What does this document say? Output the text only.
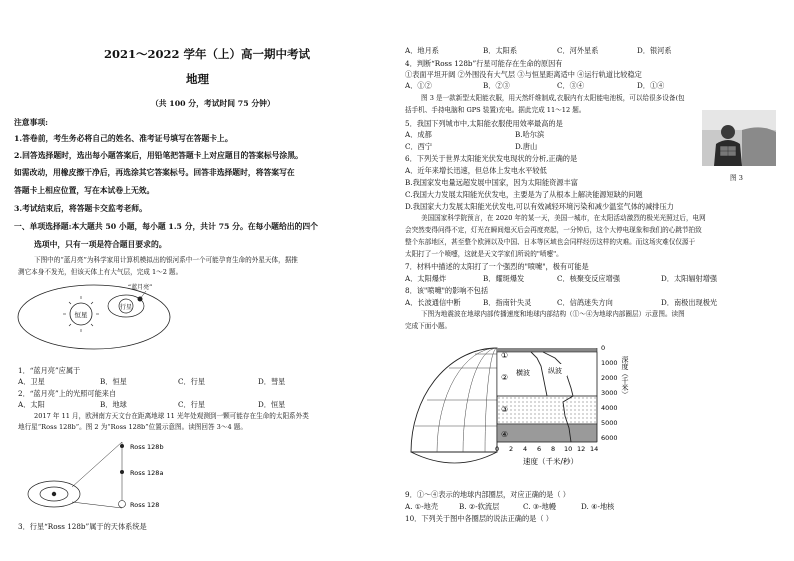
2021～2022 学年（上）高一期中考试
地理
（共 100 分，考试时间 75 分钟）
注意事项:
1.答卷前，考生务必将自己的姓名、准考证号填写在答题卡上。
2.回答选择题时，选出每小题答案后，用铅笔把答题卡上对应题目的答案标号涂黑。
如需改动，用橡皮擦干净后，再选涂其它答案标号。回答非选择题时，将答案写在
答题卡上相应位置，写在本试卷上无效。
3.考试结束后，将答题卡交监考老师。
一、单项选择题:本大题共 50 小题，每小题 1.5 分，共计 75 分。在每小题给出的四个
选项中，只有一项是符合题目要求的。
下图中的“蓝月亮”为科学家用计算机模拟出的银河系中一个可能孕育生命的外星天体，据推
测它本身不发光，但该天体上有大气层，完成 1～2 题。
恒星
行星
“蓝月亮”
1．“蓝月亮”应属于
A．卫星	B．恒星	C．行星	D．彗星
2．“蓝月亮”上的光照可能来自
A．太阳	B．地球	C．行星	D．恒星
2017 年 11 月，欧洲南方天文台在距离地球 11 光年处观测到一颗可能存在生命的太阳系外类
地行星“Ross 128b”。图 2 为“Ross 128b”位置示意图。读图回答 3～4 题。
Ross 128b
Ross 128a
Ross 128
3．行星“Ross 128b”属于的天体系统是
A．地月系	B．太阳系	C．河外星系	D．银河系
4．判断“Ross 128b”行星可能存在生命的原因有
①表面平坦开阔 ②外围没有大气层 ③与恒星距离适中 ④运行轨道比较稳定
A．①②	B．②③	C．③④	D．①④
图 3 是一款新型太阳能衣服，用天然纤维制成,衣服内有太阳能电池板，可以给很多设备(包
括手机、手持电脑和 GPS 装置)充电。据此完成 11～12 题。
5．我国下列城市中,太阳能衣服使用效率最高的是
A．成都	B.哈尔滨
C．西宁	D.唐山
图 3
6．下列关于世界太阳能光伏发电现状的分析,正确的是
A．近年来增长迅速，但总体上发电水平较低
B.我国家发电量远超发展中国家，因为太阳能资源丰富
C.我国大力发展太阳能光伏发电，主要是为了从根本上解决能源短缺的问题
D.我国家大力发展太阳能光伏发电,可以有效减轻环境污染和减少温室气体的减排压力
美国国家科学院预言，在 2020 年的某一天，美国一城市，在太阳活动激烈的极光光照过后，电网
会突然变得问得不定，灯光在瞬间熄灭后会再度亮起，一分钟后，这个大停电现象和我们的心跳节拍致
整个东部地区，甚至整个欧洲以及中国、日本等区域也会同样经历这样的灾难。而这场灾难仅仅源于
太阳打了一个喷嚏，这就是天文学家们所说的"喷嚏"。
7．材料中描述的太阳打了一个强烈的"喷嚏"，极有可能是
A．太阳爆炸	B．耀斑爆发	C．核聚变反应增强	D．太阳辐射增强
8．该"喷嚏"的影响不包括
A．长波通信中断	B．指南针失灵	C．信鸽迷失方向	D．南极出现极光
下图为地震波在地球内部传播速度和地球内部结构（①～④为地球内部圈层）示意图。读图
完成下面小题。
①
②
③
④
横波	纵波
0
1000
2000
3000
4000
5000
6000
深度（千米）
0 2 4 6 8 10 12 14
速度（千米/秒）
9．①～④表示的地球内部圈层，对应正确的是（ ）
A. ①-地壳	B. ②-软流层	C. ③-地幔	D. ④-地核
10．下列关于图中各圈层的说法正确的是（ ）
